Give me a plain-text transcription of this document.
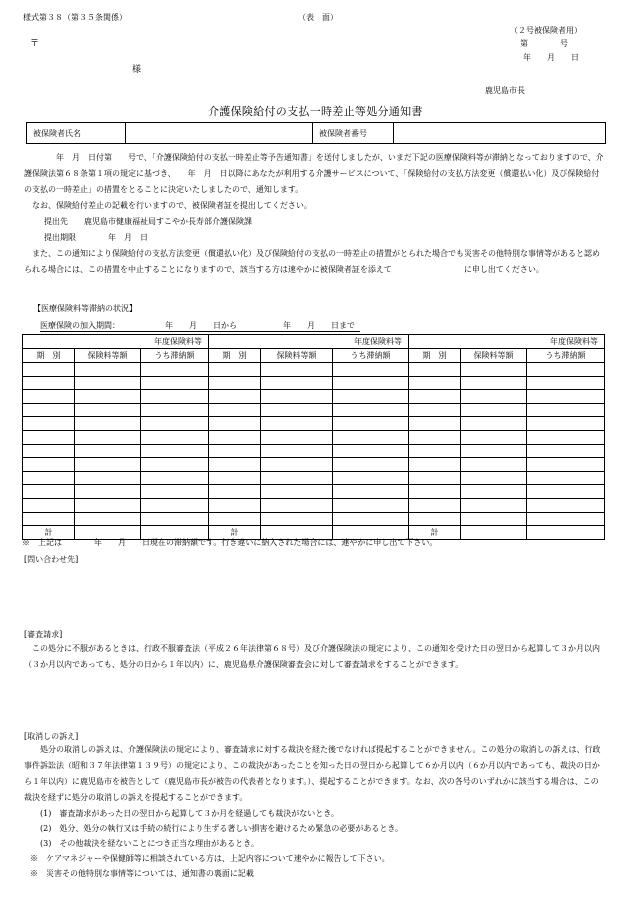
様式第３８（第３５条関係）	（表　面）
（２号被保険者用）
〒	第　　　　号
年　　月　　日
様
鹿児島市長
介護保険給付の支払一時差止等処分通知書
被保険者氏名		被保険者番号	

年　月　日付第　　号で、「介護保険給付の支払一時差止等予告通知書」を送付しましたが、いまだ下記の医療保険料等が滞納となっておりますので、介護保険法第６８条第１項の規定に基づき、　　年　月　日以降にあなたが利用する介護サービスについて、「保険給付の支払方法変更（償還払い化）及び保険給付の支払の一時差止」の措置をとることに決定いたしましたので、通知します。

なお、保険給付差止の記載を行いますので、被保険者証を提出してください。

提出先　　 鹿児島市健康福祉局すこやか長寿部介護保険課

提出期限　　　　	年　月　日

また、この通知により保険給付の支払方法変更（償還払い化）及び保険給付の支払の一時差止の措置がとられた場合でも災害その他特別な事情等があると認められる場合には、この措置を中止することになりますので、該当する方は速やかに被保険者証を添えて　　　　　　　　　に申し出てください。

【医療保険料等滞納の状況】
医療保険の加入期間：	年　　月　　日から	年　　月　　日まで
年度保険料等			年度保険料等			年度保険料等		
期　別	保険料等額	うち滞納額	期　別	保険料等額	うち滞納額	期　別	保険料等額	うち滞納額

計			計			計		
※　上記は　　　　年　　月　　日現在の滞納額です。行き違いに納入された場合には、連やかに申し出て下さい。
[問い合わせ先]
[審査請求]

この処分に不服があるときは、行政不服審査法（平成２６年法律第６８号）及び介護保険法の規定により、この通知を受けた日の翌日から起算して３か月以内（３か月以内であっても、処分の日から１年以内）に、鹿児島県介護保険審査会に対して審査請求をすることができます。

[取消しの訴え]

処分の取消しの訴えは、介護保険法の規定により、審査請求に対する裁決を経た後でなければ提起することができません。この処分の取消しの訴えは、行政事件訴訟法（昭和３７年法律第１３９号）の規定により、この裁決があったことを知った日の翌日から起算して６か月以内（６か月以内であっても、裁決の日から１年以内）に鹿児島市を被告として（鹿児島市長が被告の代表者となります。）、提起することができます。なお、次の各号のいずれかに該当する場合は、この裁決を経ずに処分の取消しの訴えを提起することができます。

(1)　審査請求があった日の翌日から起算して３か月を経過しても裁決がないとき。

(2)　処分、処分の執行又は手続の続行により生ずる著しい損害を避けるため緊急の必要があるとき。

(3)　その他裁決を経ないことにつき正当な理由があるとき。

※　ケアマネジャーや保健師等に相談されている方は、上記内容について速やかに報告して下さい。

※　災害その他特別な事情等については、通知書の裏面に記載
